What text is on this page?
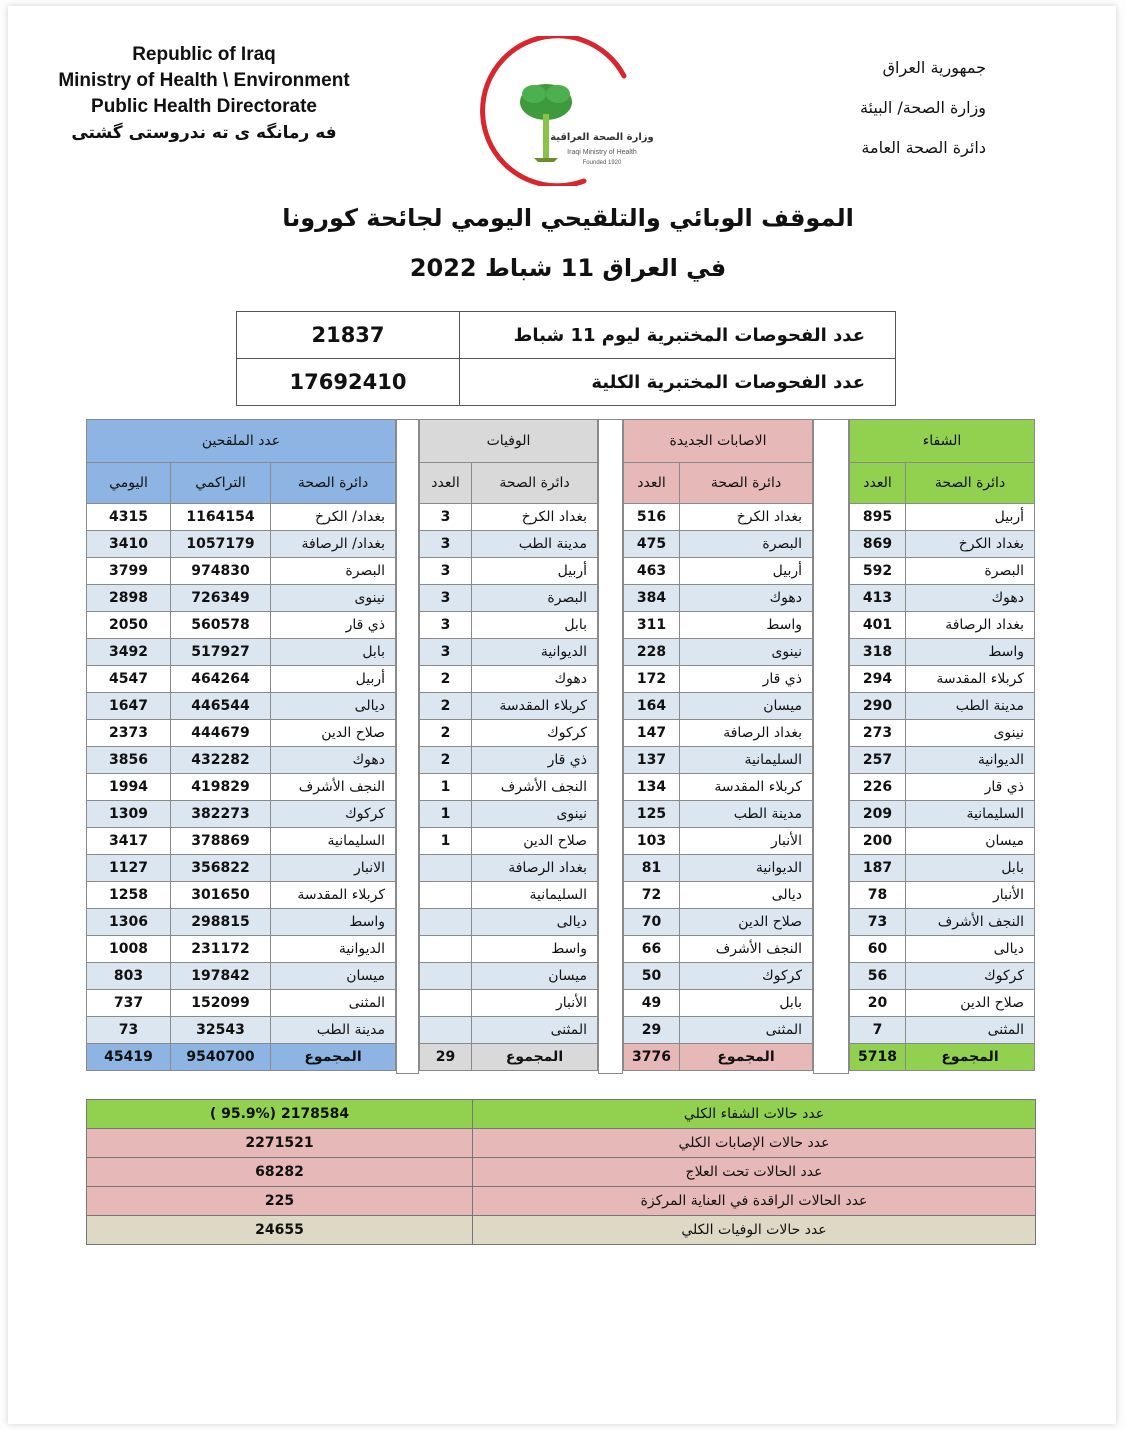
Republic of Iraq
Ministry of Health \ Environment
Public Health Directorate
فه رمانگه ى ته ندروستى گشتى	وزارة الصحة العراقية
Iraqi Ministry of Health
Founded 1920
جمهورية العراق
وزارة الصحة/ البيئة
دائرة الصحة العامة
الموقف الوبائي والتلقيحي اليومي لجائحة كورونا
في العراق 11 شباط 2022
21837	عدد الفحوصات المختبرية ليوم 11 شباط
17692410	عدد الفحوصات المختبرية الكلية
الشفاء	
العدد	دائرة الصحة
895	أربيل
869	بغداد الكرخ
592	البصرة
413	دهوك
401	بغداد الرصافة
318	واسط
294	كربلاء المقدسة
290	مدينة الطب
273	نينوى
257	الديوانية
226	ذي قار
209	السليمانية
200	ميسان
187	بابل
78	الأنبار
73	النجف الأشرف
60	ديالى
56	كركوك
20	صلاح الدين
7	المثنى
5718	المجموع
الاصابات الجديدة	
العدد	دائرة الصحة
516	بغداد الكرخ
475	البصرة
463	أربيل
384	دهوك
311	واسط
228	نينوى
172	ذي قار
164	ميسان
147	بغداد الرصافة
137	السليمانية
134	كربلاء المقدسة
125	مدينة الطب
103	الأنبار
81	الديوانية
72	ديالى
70	صلاح الدين
66	النجف الأشرف
50	كركوك
49	بابل
29	المثنى
3776	المجموع
الوفيات	
العدد	دائرة الصحة
3	بغداد الكرخ
3	مدينة الطب
3	أربيل
3	البصرة
3	بابل
3	الديوانية
2	دهوك
2	كربلاء المقدسة
2	كركوك
2	ذي قار
1	النجف الأشرف
1	نينوى
1	صلاح الدين
	بغداد الرصافة
	السليمانية
	ديالى
	واسط
	ميسان
	الأنبار
	المثنى
29	المجموع
عدد الملقحين		
اليومي	التراكمي	دائرة الصحة
4315	1164154	بغداد/ الكرخ
3410	1057179	بغداد/ الرصافة
3799	974830	البصرة
2898	726349	نينوى
2050	560578	ذي قار
3492	517927	بابل
4547	464264	أربيل
1647	446544	ديالى
2373	444679	صلاح الدين
3856	432282	دهوك
1994	419829	النجف الأشرف
1309	382273	كركوك
3417	378869	السليمانية
1127	356822	الانبار
1258	301650	كربلاء المقدسة
1306	298815	واسط
1008	231172	الديوانية
803	197842	ميسان
737	152099	المثنى
73	32543	مدينة الطب
45419	9540700	المجموع
( 95.9%) 2178584	عدد حالات الشفاء الكلي
2271521	عدد حالات الإصابات الكلي
68282	عدد الحالات تحت العلاج
225	عدد الحالات الراقدة في العناية المركزة
24655	عدد حالات الوفيات الكلي
